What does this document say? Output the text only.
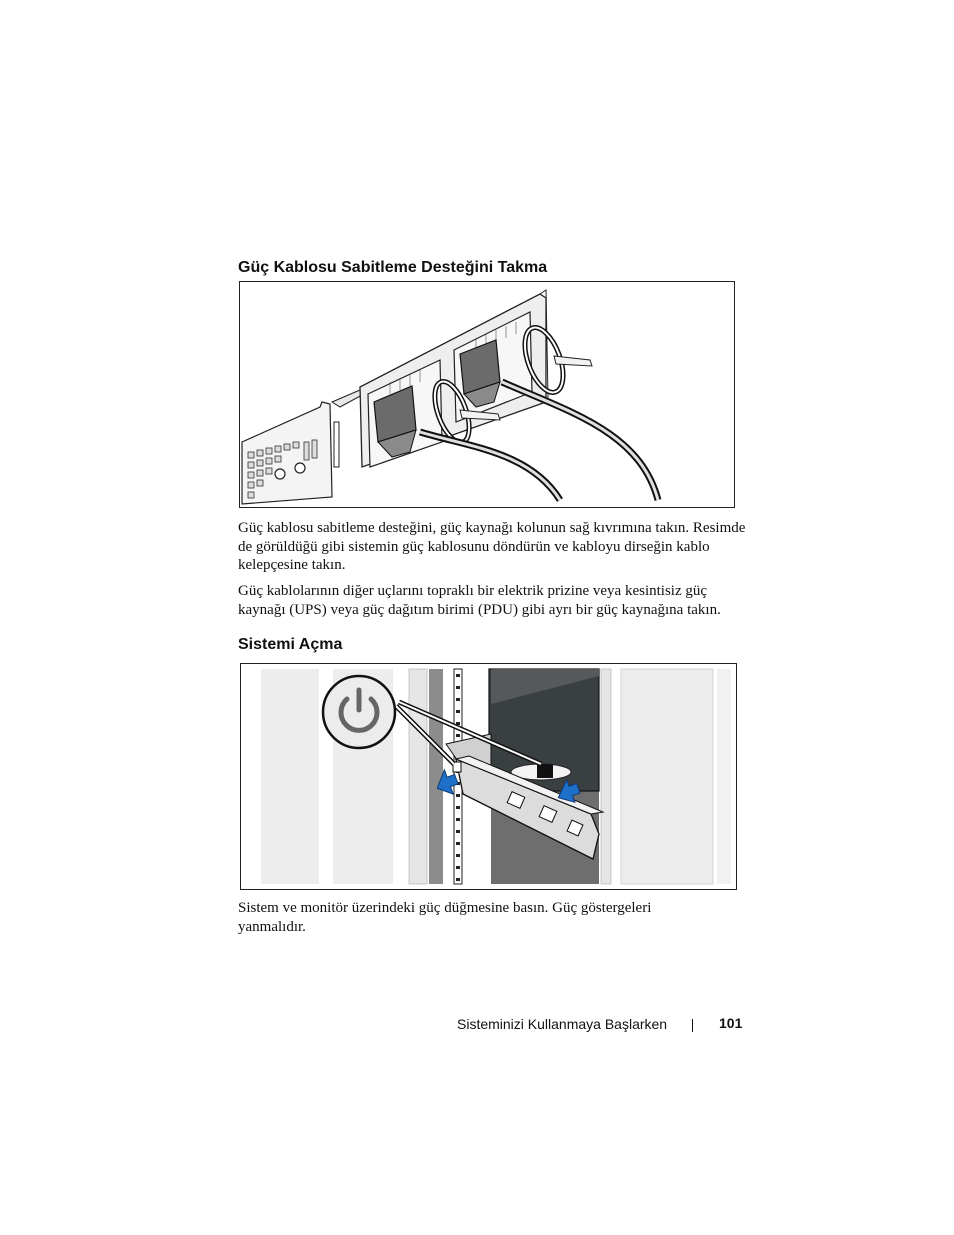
Güç Kablosu Sabitleme Desteğini Takma

Güç kablosu sabitleme desteğini, güç kaynağı kolunun sağ kıvrımına takın. Resimde de görüldüğü gibi sistemin güç kablosunu döndürün ve kabloyu dirseğin kablo kelepçesine takın.

Güç kablolarının diğer uçlarını topraklı bir elektrik prizine veya kesintisiz güç kaynağı (UPS) veya güç dağıtım birimi (PDU) gibi ayrı bir güç kaynağına takın.

Sistemi Açma

Sistem ve monitör üzerindeki güç düğmesine basın. Güç göstergeleri yanmalıdır.

Sisteminizi Kullanmaya Başlarken	101
